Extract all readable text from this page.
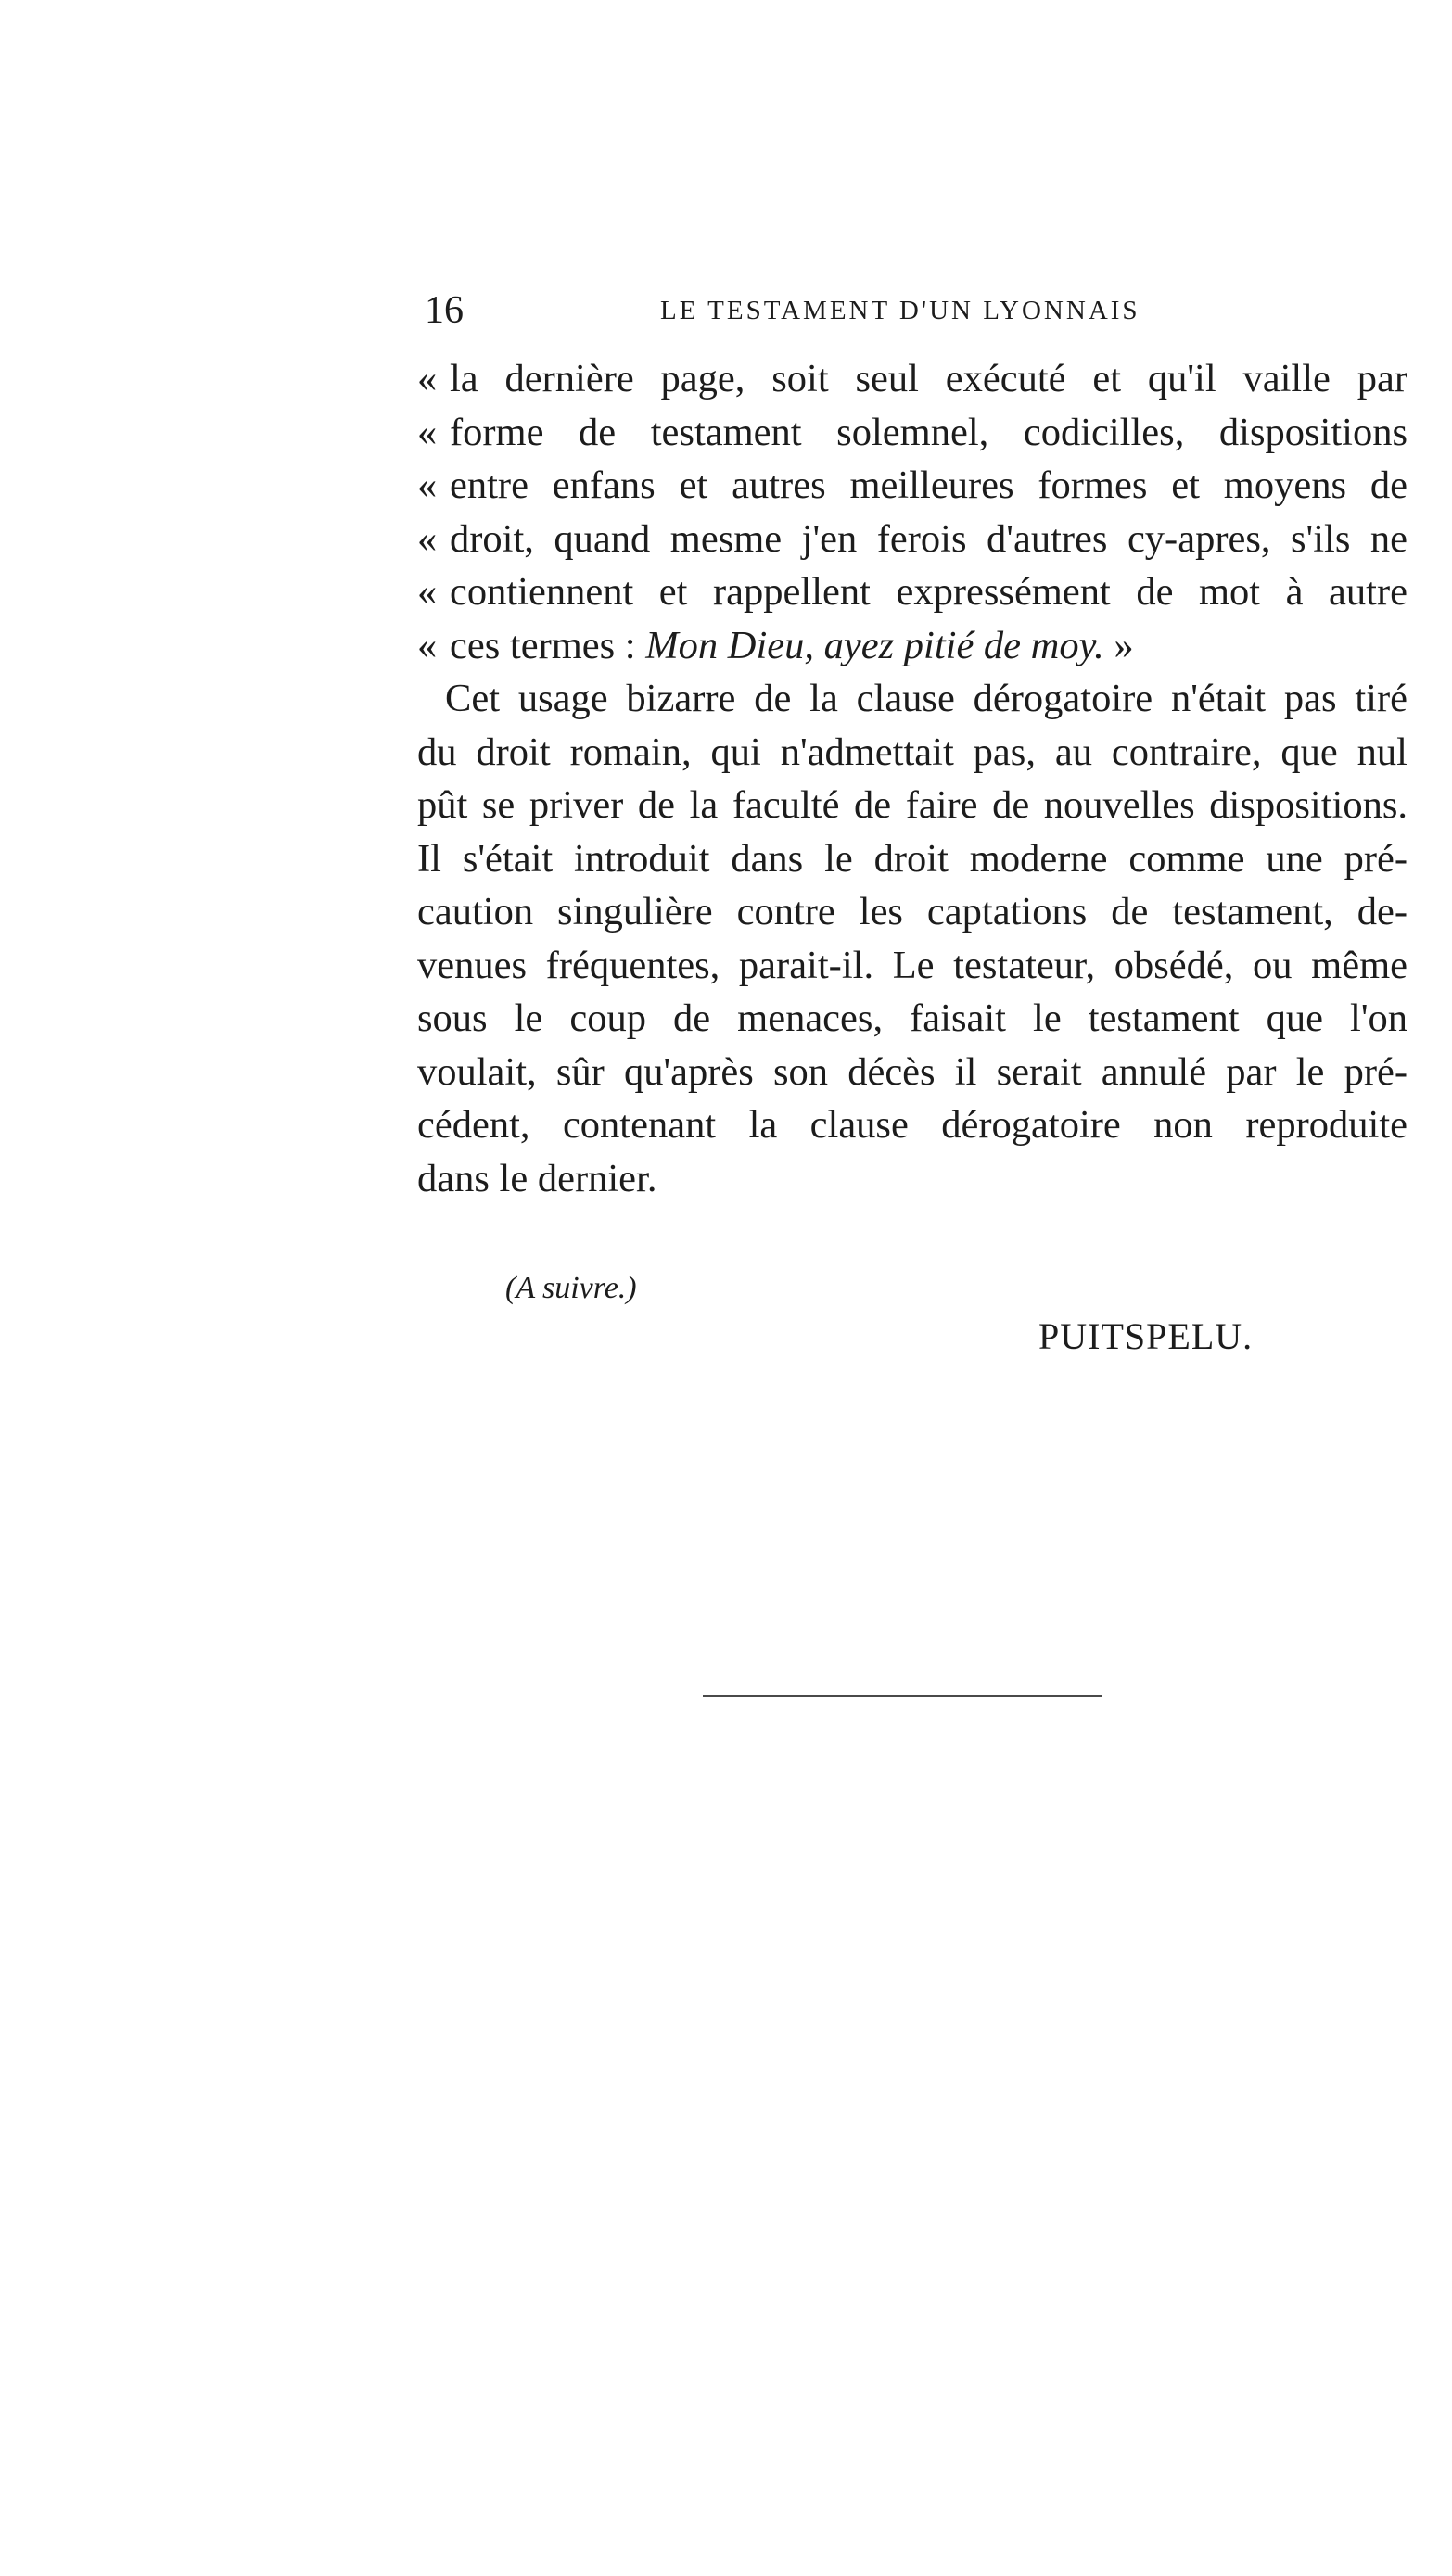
16	LE TESTAMENT D'UN LYONNAIS
« la dernière page, soit seul exécuté et qu'il vaille par
« forme de testament solemnel, codicilles, dispositions
« entre enfans et autres meilleures formes et moyens de
« droit, quand mesme j'en ferois d'autres cy-apres, s'ils ne
« contiennent et rappellent expressément de mot à autre
« ces termes : Mon Dieu, ayez pitié de moy. »
Cet usage bizarre de la clause dérogatoire n'était pas tiré
du droit romain, qui n'admettait pas, au contraire, que nul
pût se priver de la faculté de faire de nouvelles dispositions.
Il s'était introduit dans le droit moderne comme une pré-
caution singulière contre les captations de testament, de-
venues fréquentes, parait-il. Le testateur, obsédé, ou même
sous le coup de menaces, faisait le testament que l'on
voulait, sûr qu'après son décès il serait annulé par le pré-
cédent, contenant la clause dérogatoire non reproduite
dans le dernier.
(A suivre.)
PUITSPELU.
